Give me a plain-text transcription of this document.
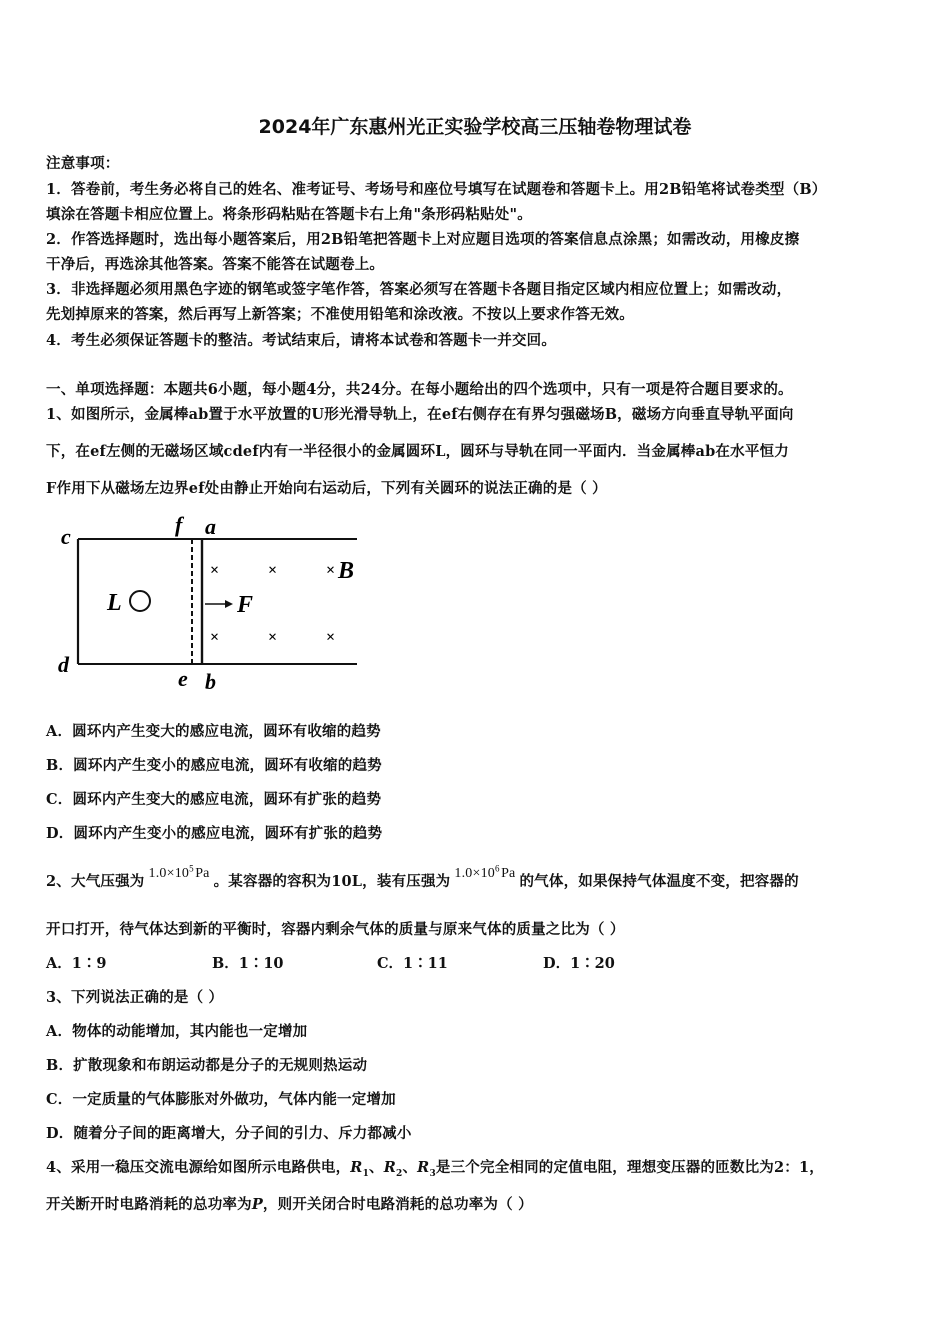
2024年广东惠州光正实验学校高三压轴卷物理试卷
注意事项：
1．答卷前，考生务必将自己的姓名、准考证号、考场号和座位号填写在试题卷和答题卡上。用2B铅笔将试卷类型（B）
填涂在答题卡相应位置上。将条形码粘贴在答题卡右上角"条形码粘贴处"。
2．作答选择题时，选出每小题答案后，用2B铅笔把答题卡上对应题目选项的答案信息点涂黑；如需改动，用橡皮擦
干净后，再选涂其他答案。答案不能答在试题卷上。
3．非选择题必须用黑色字迹的钢笔或签字笔作答，答案必须写在答题卡各题目指定区域内相应位置上；如需改动，
先划掉原来的答案，然后再写上新答案；不准使用铅笔和涂改液。不按以上要求作答无效。
4．考生必须保证答题卡的整洁。考试结束后，请将本试卷和答题卡一并交回。
一、单项选择题：本题共6小题，每小题4分，共24分。在每小题给出的四个选项中，只有一项是符合题目要求的。
1、如图所示，金属棒ab置于水平放置的U形光滑导轨上，在ef右侧存在有界匀强磁场B，磁场方向垂直导轨平面向
下，在ef左侧的无磁场区域cdef内有一半径很小的金属圆环L，圆环与导轨在同一平面内．当金属棒ab在水平恒力
F作用下从磁场左边界ef处由静止开始向右运动后，下列有关圆环的说法正确的是（ ）
c
d
f a
e b
L	F
B
×	×	×
×	×	×
A．圆环内产生变大的感应电流，圆环有收缩的趋势
B．圆环内产生变小的感应电流，圆环有收缩的趋势
C．圆环内产生变大的感应电流，圆环有扩张的趋势
D．圆环内产生变小的感应电流，圆环有扩张的趋势
2、大气压强为 $1.0\times 10^5$ Pa 。某容器的容积为10L，装有压强为 $1.0\times 10^6$ Pa 的气体，如果保持气体温度不变，把容器的
开口打开，待气体达到新的平衡时，容器内剩余气体的质量与原来气体的质量之比为（ ）
A．1∶9	B．1∶10	C．1∶11	D．1∶20
3、下列说法正确的是（ ）
A．物体的动能增加，其内能也一定增加
B．扩散现象和布朗运动都是分子的无规则热运动
C．一定质量的气体膨胀对外做功，气体内能一定增加
D．随着分子间的距离增大，分子间的引力、斥力都减小
4、采用一稳压交流电源给如图所示电路供电，$R_1$、$R_2$、$R_3$是三个完全相同的定值电阻，理想变压器的匝数比为2：1，
开关断开时电路消耗的总功率为P，则开关闭合时电路消耗的总功率为（ ）
